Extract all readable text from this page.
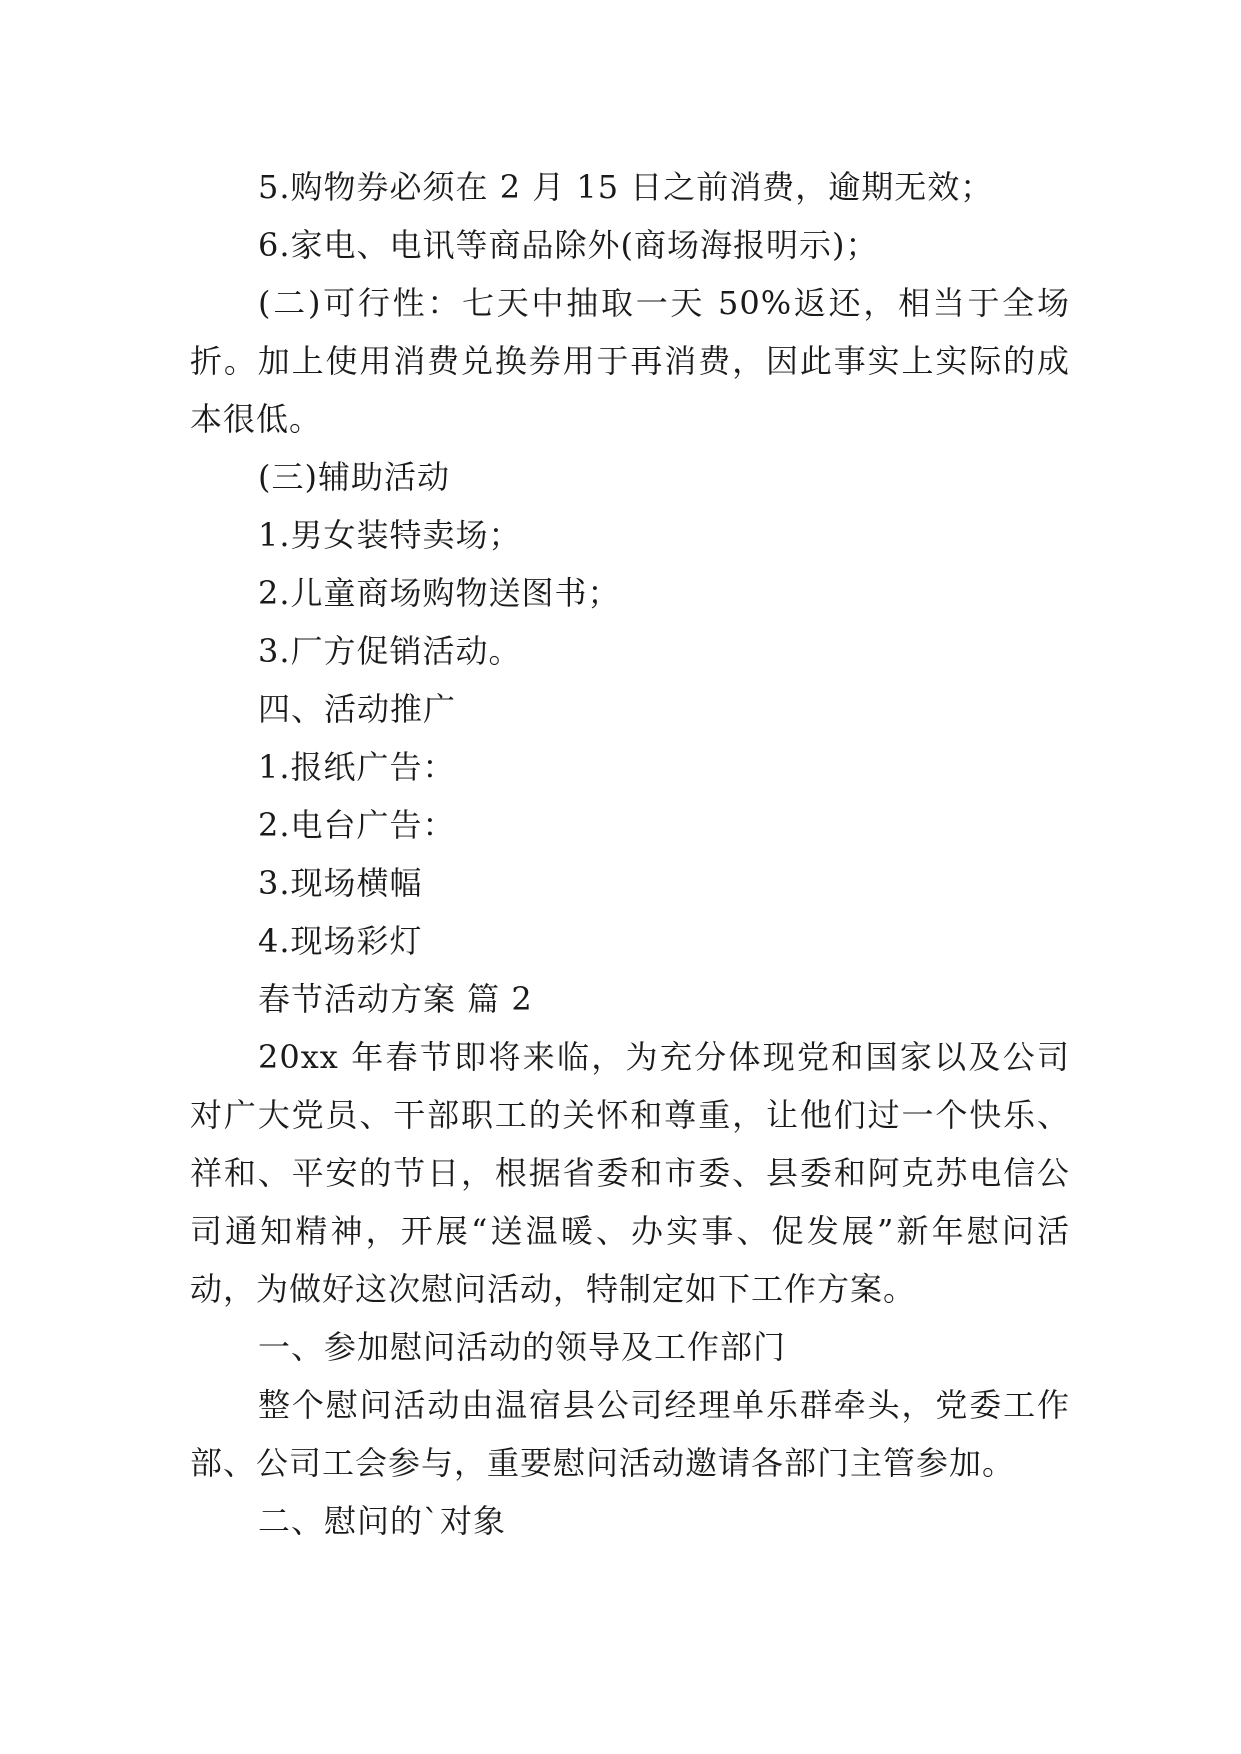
5.购物券必须在 2 月 15 日之前消费，逾期无效；

6.家电、电讯等商品除外(商场海报明示)；

(二)可行性：七天中抽取一天 50%返还，相当于全场折。加上使用消费兑换券用于再消费，因此事实上实际的成本很低。

(三)辅助活动

1.男女装特卖场；

2.儿童商场购物送图书；

3.厂方促销活动。

四、活动推广

1.报纸广告：

2.电台广告：

3.现场横幅

4.现场彩灯

春节活动方案 篇 2

20xx 年春节即将来临，为充分体现党和国家以及公司对广大党员、干部职工的关怀和尊重，让他们过一个快乐、祥和、平安的节日，根据省委和市委、县委和阿克苏电信公司通知精神，开展“送温暖、办实事、促发展”新年慰问活动，为做好这次慰问活动，特制定如下工作方案。

一、参加慰问活动的领导及工作部门

整个慰问活动由温宿县公司经理单乐群牵头，党委工作部、公司工会参与，重要慰问活动邀请各部门主管参加。

二、慰问的`对象
